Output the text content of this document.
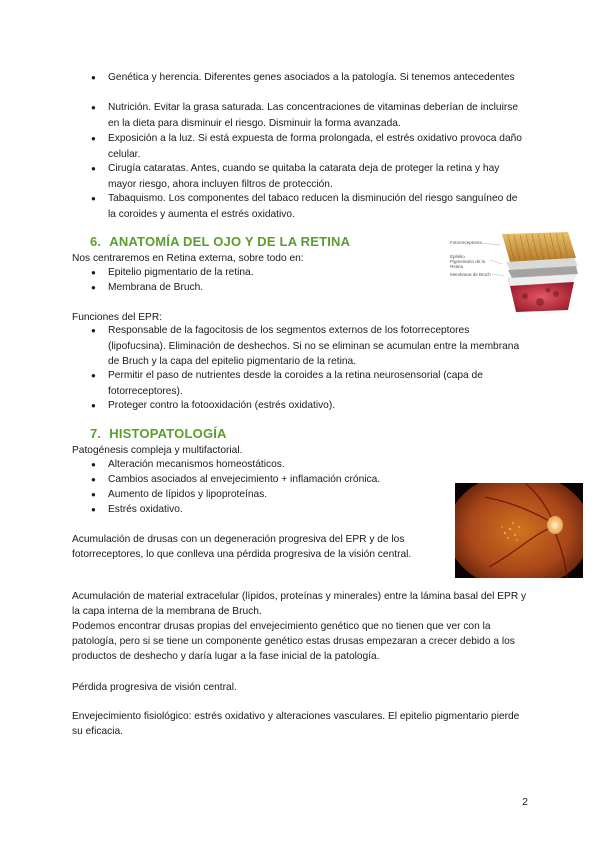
● Genética y herencia. Diferentes genes asociados a la patología. Si tenemos antecedentes
● Nutrición. Evitar la grasa saturada. Las concentraciones de vitaminas deberían de incluirse en la dieta para disminuir el riesgo. Disminuir la forma avanzada.
● Exposición a la luz. Si está expuesta de forma prolongada, el estrés oxidativo provoca daño celular.
● Cirugía cataratas. Antes, cuando se quitaba la catarata deja de proteger la retina y hay mayor riesgo, ahora incluyen filtros de protección.
● Tabaquismo. Los componentes del tabaco reducen la disminución del riesgo sanguíneo de la coroides y aumenta el estrés oxidativo.
6. ANATOMÍA DEL OJO Y DE LA RETINA
Nos centraremos en Retina externa, sobre todo en:
● Epitelio pigmentario de la retina.
● Membrana de Bruch.
Fotorreceptores
Epitelio Pigmentario de la Retina
Membrana de Bruch
Funciones del EPR:
● Responsable de la fagocitosis de los segmentos externos de los fotorreceptores (lipofucsina). Eliminación de deshechos. Si no se eliminan se acumulan entre la membrana de Bruch y la capa del epitelio pigmentario de la retina.
● Permitir el paso de nutrientes desde la coroides a la retina neurosensorial (capa de fotorreceptores).
● Proteger contro la fotooxidación (estrés oxidativo).
7. HISTOPATOLOGÍA
Patogénesis compleja y multifactorial.
● Alteración mecanismos homeostáticos.
● Cambios asociados al envejecimiento + inflamación crónica.
● Aumento de lípidos y lipoproteínas.
● Estrés oxidativo.
Acumulación de drusas con un degeneración progresiva del EPR y de los fotorreceptores, lo que conlleva una pérdida progresiva de la visión central.
Acumulación de material extracelular (lípidos, proteínas y minerales) entre la lámina basal del EPR y la capa interna de la membrana de Bruch.
Podemos encontrar drusas propias del envejecimiento genético que no tienen que ver con la patología, pero si se tiene un componente genético estas drusas empezaran a crecer debido a los productos de deshecho y daría lugar a la fase inicial de la patología.
Pérdida progresiva de visión central.
Envejecimiento fisiológico: estrés oxidativo y alteraciones vasculares. El epitelio pigmentario pierde su eficacia.
2
